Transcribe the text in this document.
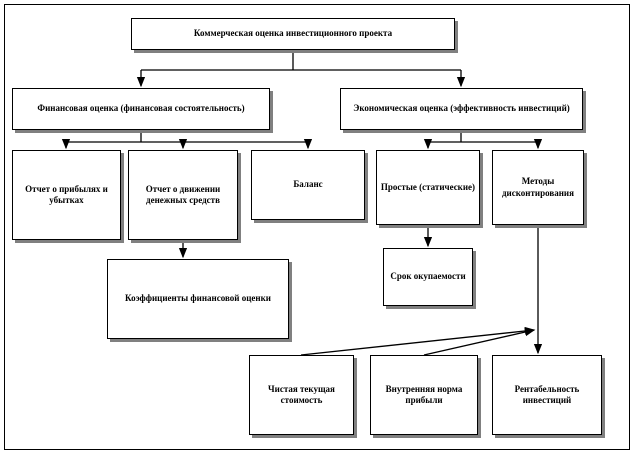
Коммерческая оценка инвестиционного проекта
Финансовая оценка (финансовая состоятельность)	Экономическая оценка (эффективность инвестиций)
Отчет о прибылях и убытках
Отчет о движении денежных средств
Баланс	Простые (статические)
Методы дисконтирования
Коэффициенты финансовой оценки
Срок окупаемости
Чистая текущая стоимость
Внутренняя норма прибыли
Рентабельность инвестиций
